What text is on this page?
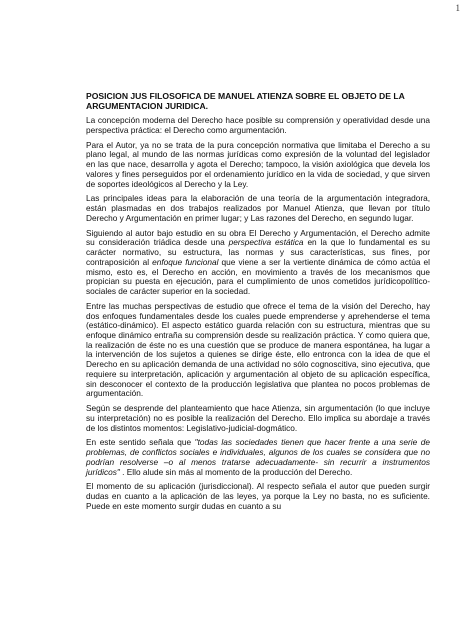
1
POSICION JUS FILOSOFICA DE MANUEL ATIENZA SOBRE EL OBJETO DE LA ARGUMENTACION JURIDICA.

La concepción moderna del Derecho hace posible su comprensión y operatividad desde una perspectiva práctica: el Derecho como argumentación.

Para el Autor, ya no se trata de la pura concepción normativa que limitaba el Derecho a su plano legal, al mundo de las normas jurídicas como expresión de la voluntad del legislador en las que nace, desarrolla y agota el Derecho; tampoco, la visión axiológica que devela los valores y fines perseguidos por el ordenamiento jurídico en la vida de sociedad, y que sirven de soportes ideológicos al Derecho y la Ley.

Las principales ideas para la elaboración de una teoría de la argumentación integradora, están plasmadas en dos trabajos realizados por Manuel Atienza, que llevan por título Derecho y Argumentación en primer lugar; y Las razones del Derecho, en segundo lugar.

Siguiendo al autor bajo estudio en su obra El Derecho y Argumentación, el Derecho admite su consideración triádica desde una perspectiva estática en la que lo fundamental es su carácter normativo, su estructura, las normas y sus características, sus fines, por contraposición al enfoque funcional que viene a ser la vertiente dinámica de cómo actúa el mismo, esto es, el Derecho en acción, en movimiento a través de los mecanismos que propician su puesta en ejecución, para el cumplimiento de unos cometidos jurídicopolítico-sociales de carácter superior en la sociedad.

Entre las muchas perspectivas de estudio que ofrece el tema de la visión del Derecho, hay dos enfoques fundamentales desde los cuales puede emprenderse y aprehenderse el tema (estático-dinámico). El aspecto estático guarda relación con su estructura, mientras que su enfoque dinámico entraña su comprensión desde su realización práctica. Y como quiera que, la realización de éste no es una cuestión que se produce de manera espontánea, ha lugar a la intervención de los sujetos a quienes se dirige éste, ello entronca con la idea de que el Derecho en su aplicación demanda de una actividad no sólo cognoscitiva, sino ejecutiva, que requiere su interpretación, aplicación y argumentación al objeto de su aplicación específica, sin desconocer el contexto de la producción legislativa que plantea no pocos problemas de argumentación.

Según se desprende del planteamiento que hace Atienza, sin argumentación (lo que incluye su interpretación) no es posible la realización del Derecho. Ello implica su abordaje a través de los distintos momentos: Legislativo-judicial-dogmático.

En este sentido señala que "todas las sociedades tienen que hacer frente a una serie de problemas, de conflictos sociales e individuales, algunos de los cuales se considera que no podrían resolverse –o al menos tratarse adecuadamente- sin recurrir a instrumentos jurídicos" . Ello alude sin más al momento de la producción del Derecho.

El momento de su aplicación (jurisdiccional). Al respecto señala el autor que pueden surgir dudas en cuanto a la aplicación de las leyes, ya porque la Ley no basta, no es suficiente. Puede en este momento surgir dudas en cuanto a su
